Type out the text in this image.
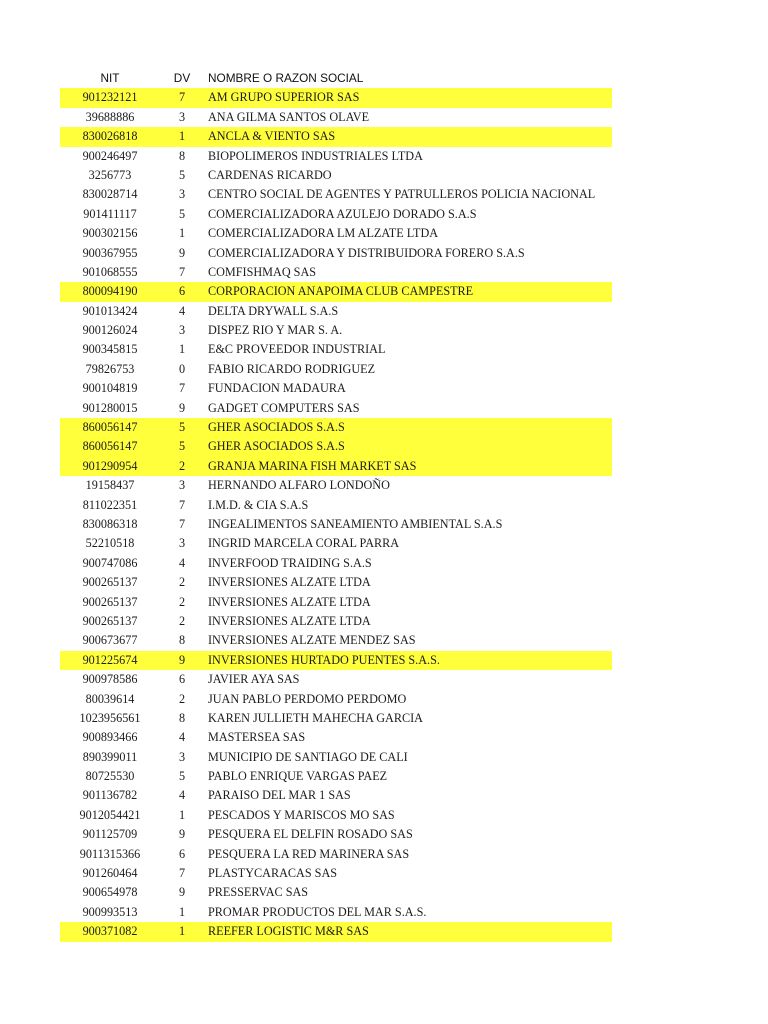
NIT	DV	NOMBRE O RAZON SOCIAL
901232121	7	AM GRUPO SUPERIOR SAS
39688886	3	ANA GILMA SANTOS OLAVE
830026818	1	ANCLA & VIENTO SAS
900246497	8	BIOPOLIMEROS INDUSTRIALES LTDA
3256773	5	CARDENAS RICARDO
830028714	3	CENTRO SOCIAL DE AGENTES Y PATRULLEROS POLICIA NACIONAL
901411117	5	COMERCIALIZADORA AZULEJO DORADO S.A.S
900302156	1	COMERCIALIZADORA LM ALZATE LTDA
900367955	9	COMERCIALIZADORA Y DISTRIBUIDORA FORERO S.A.S
901068555	7	COMFISHMAQ SAS
800094190	6	CORPORACION ANAPOIMA CLUB CAMPESTRE
901013424	4	DELTA DRYWALL S.A.S
900126024	3	DISPEZ RIO Y MAR S. A.
900345815	1	E&C PROVEEDOR INDUSTRIAL
79826753	0	FABIO RICARDO RODRIGUEZ
900104819	7	FUNDACION MADAURA
901280015	9	GADGET COMPUTERS SAS
860056147	5	GHER ASOCIADOS S.A.S
860056147	5	GHER ASOCIADOS S.A.S
901290954	2	GRANJA MARINA FISH MARKET SAS
19158437	3	HERNANDO ALFARO LONDOÑO
811022351	7	I.M.D. & CIA S.A.S
830086318	7	INGEALIMENTOS SANEAMIENTO AMBIENTAL S.A.S
52210518	3	INGRID MARCELA CORAL PARRA
900747086	4	INVERFOOD TRAIDING S.A.S
900265137	2	INVERSIONES ALZATE LTDA
900265137	2	INVERSIONES ALZATE LTDA
900265137	2	INVERSIONES ALZATE LTDA
900673677	8	INVERSIONES ALZATE MENDEZ SAS
901225674	9	INVERSIONES HURTADO PUENTES S.A.S.
900978586	6	JAVIER AYA SAS
80039614	2	JUAN PABLO PERDOMO PERDOMO
1023956561	8	KAREN JULLIETH MAHECHA GARCIA
900893466	4	MASTERSEA SAS
890399011	3	MUNICIPIO DE SANTIAGO DE CALI
80725530	5	PABLO ENRIQUE VARGAS PAEZ
901136782	4	PARAISO DEL MAR 1 SAS
9012054421	1	PESCADOS Y MARISCOS MO SAS
901125709	9	PESQUERA EL DELFIN ROSADO SAS
9011315366	6	PESQUERA LA RED MARINERA SAS
901260464	7	PLASTYCARACAS SAS
900654978	9	PRESSERVAC SAS
900993513	1	PROMAR PRODUCTOS DEL MAR S.A.S.
900371082	1	REEFER LOGISTIC M&R SAS
